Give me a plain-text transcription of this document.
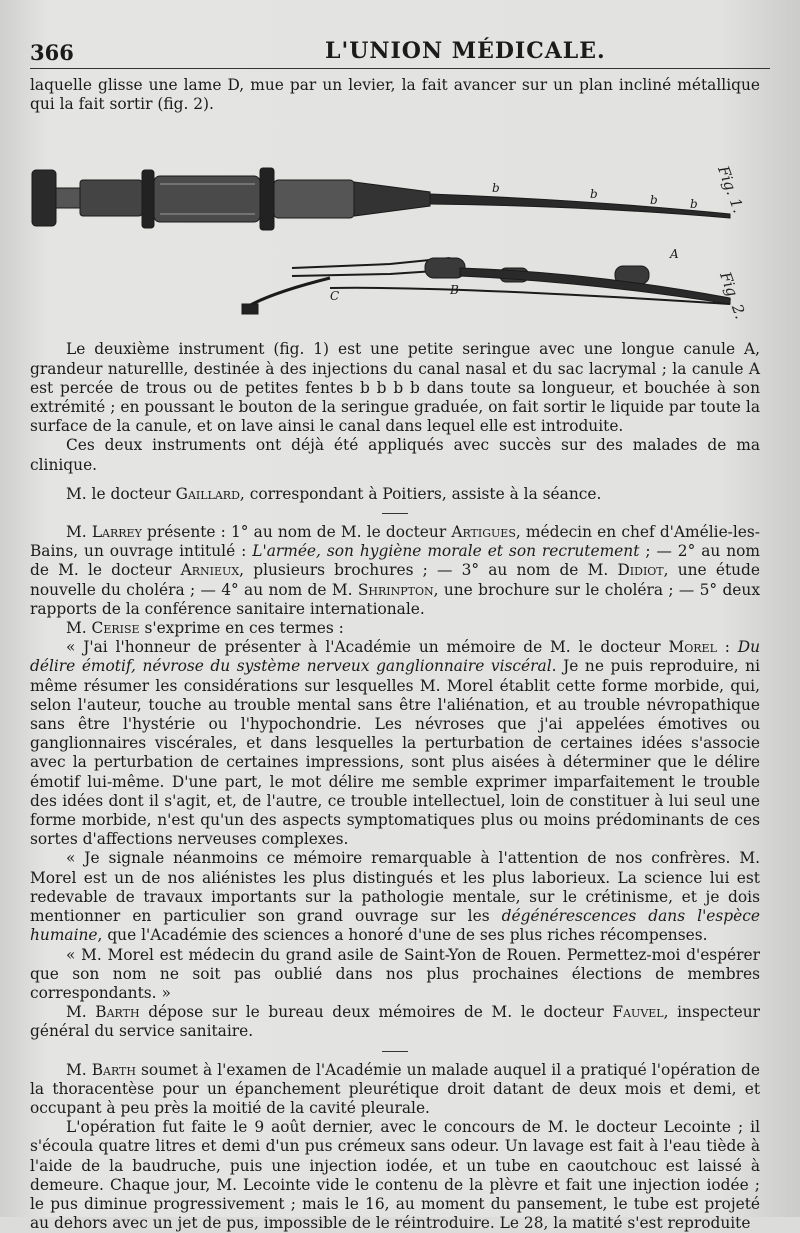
366	L'UNION MÉDICALE.

laquelle glisse une lame D, mue par un levier, la fait avancer sur un plan incliné métallique qui la fait sortir (fig. 2).

b	b	b	b
B
C
A
Fig. 1.
Fig. 2.

Le deuxième instrument (fig. 1) est une petite seringue avec une longue canule A, grandeur naturellle, destinée à des injections du canal nasal et du sac lacrymal ; la canule A est percée de trous ou de petites fentes b b b b dans toute sa longueur, et bouchée à son extrémité ; en poussant le bouton de la seringue graduée, on fait sortir le liquide par toute la surface de la canule, et on lave ainsi le canal dans lequel elle est introduite.

Ces deux instruments ont déjà été appliqués avec succès sur des malades de ma clinique.

M. le docteur Gaillard, correspondant à Poitiers, assiste à la séance.

M. Larrey présente : 1° au nom de M. le docteur Artigues, médecin en chef d'Amélie-les-Bains, un ouvrage intitulé : L'armée, son hygiène morale et son recrutement ; — 2° au nom de M. le docteur Arnieux, plusieurs brochures ; — 3° au nom de M. Didiot, une étude nouvelle du choléra ; — 4° au nom de M. Shrinpton, une brochure sur le choléra ; — 5° deux rapports de la conférence sanitaire internationale.

M. Cerise s'exprime en ces termes :

« J'ai l'honneur de présenter à l'Académie un mémoire de M. le docteur Morel : Du délire émotif, névrose du système nerveux ganglionnaire viscéral. Je ne puis reproduire, ni même résumer les considérations sur lesquelles M. Morel établit cette forme morbide, qui, selon l'auteur, touche au trouble mental sans être l'aliénation, et au trouble névropathique sans être l'hystérie ou l'hypochondrie. Les névroses que j'ai appelées émotives ou ganglionnaires viscérales, et dans lesquelles la perturbation de certaines idées s'associe avec la perturbation de certaines impressions, sont plus aisées à déterminer que le délire émotif lui-même. D'une part, le mot délire me semble exprimer imparfaitement le trouble des idées dont il s'agit, et, de l'autre, ce trouble intellectuel, loin de constituer à lui seul une forme morbide, n'est qu'un des aspects symptomatiques plus ou moins prédominants de ces sortes d'affections nerveuses complexes.

« Je signale néanmoins ce mémoire remarquable à l'attention de nos confrères. M. Morel est un de nos aliénistes les plus distingués et les plus laborieux. La science lui est redevable de travaux importants sur la pathologie mentale, sur le crétinisme, et je dois mentionner en particulier son grand ouvrage sur les dégénérescences dans l'espèce humaine, que l'Académie des sciences a honoré d'une de ses plus riches récompenses.

« M. Morel est médecin du grand asile de Saint-Yon de Rouen. Permettez-moi d'espérer que son nom ne soit pas oublié dans nos plus prochaines élections de membres correspondants. »

M. Barth dépose sur le bureau deux mémoires de M. le docteur Fauvel, inspecteur général du service sanitaire.

M. Barth soumet à l'examen de l'Académie un malade auquel il a pratiqué l'opération de la thoracentèse pour un épanchement pleurétique droit datant de deux mois et demi, et occupant à peu près la moitié de la cavité pleurale.

L'opération fut faite le 9 août dernier, avec le concours de M. le docteur Lecointe ; il s'écoula quatre litres et demi d'un pus crémeux sans odeur. Un lavage est fait à l'eau tiède à l'aide de la baudruche, puis une injection iodée, et un tube en caoutchouc est laissé à demeure. Chaque jour, M. Lecointe vide le contenu de la plèvre et fait une injection iodée ; le pus diminue progressivement ; mais le 16, au moment du pansement, le tube est projeté au dehors avec un jet de pus, impossible de le réintroduire. Le 28, la matité s'est reproduite
